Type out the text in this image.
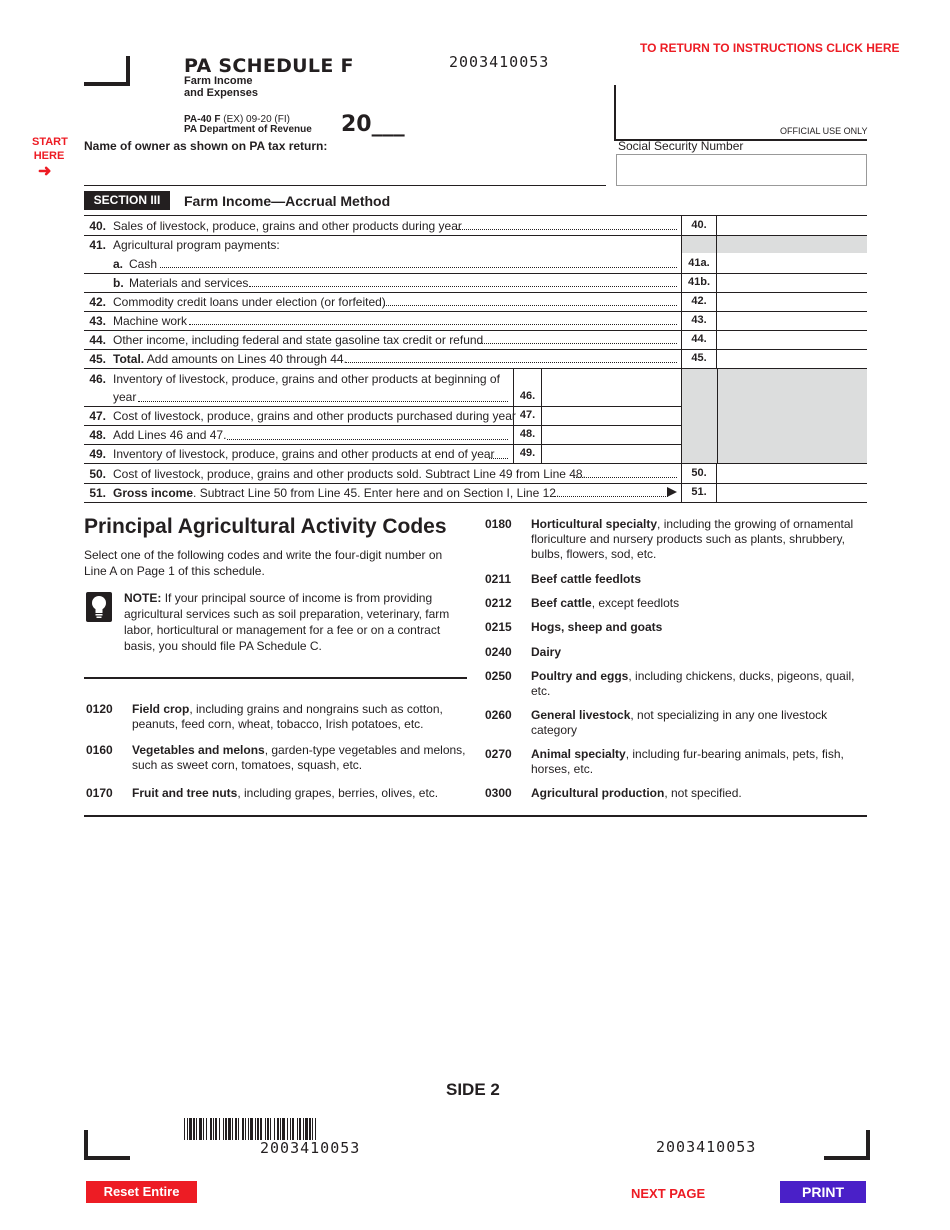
PA SCHEDULE F
Farm Income
and Expenses
2003410053
TO RETURN TO INSTRUCTIONS CLICK HERE
PA-40 F (EX) 09-20 (FI)
PA Department of Revenue 20___	OFFICIAL USE ONLY
START HERE
➜
Name of owner as shown on PA tax return:	Social Security Number
SECTION III	Farm Income—Accrual Method
40. Sales of livestock, produce, grains and other products during year	40.
41. Agricultural program payments:
a. Cash	41a.
b. Materials and services	41b.
42. Commodity credit loans under election (or forfeited)	42.
43. Machine work	43.
44. Other income, including federal and state gasoline tax credit or refund	44.
45. Total. Add amounts on Lines 40 through 44.	45.
46. Inventory of livestock, produce, grains and other products at beginning of
year	46.
47. Cost of livestock, produce, grains and other products purchased during year 47.
48. Add Lines 46 and 47.	48.
49. Inventory of livestock, produce, grains and other products at end of year	49.
50. Cost of livestock, produce, grains and other products sold. Subtract Line 49 from Line 48.	50.
51. Gross income. Subtract Line 50 from Line 45. Enter here and on Section I, Line 12.	51.
Principal Agricultural Activity Codes
Select one of the following codes and write the four-digit number on Line A on Page 1 of this schedule.
NOTE: If your principal source of income is from providing agricultural services such as soil preparation, veterinary, farm labor, horticultural or management for a fee or on a contract basis, you should file PA Schedule C.
0120 Field crop, including grains and nongrains such as cotton, peanuts, feed corn, wheat, tobacco, Irish potatoes, etc.
0160 Vegetables and melons, garden-type vegetables and melons, such as sweet corn, tomatoes, squash, etc.
0170 Fruit and tree nuts, including grapes, berries, olives, etc.
0180 Horticultural specialty, including the growing of ornamental floriculture and nursery products such as plants, shrubbery, bulbs, flowers, sod, etc.
0211 Beef cattle feedlots
0212 Beef cattle, except feedlots
0215 Hogs, sheep and goats
0240 Dairy
0250 Poultry and eggs, including chickens, ducks, pigeons, quail, etc.
0260 General livestock, not specializing in any one livestock category
0270 Animal specialty, including fur-bearing animals, pets, fish, horses, etc.
0300 Agricultural production, not specified.
SIDE 2
2003410053	2003410053
Reset Entire Form
NEXT PAGE	PRINT FORM
